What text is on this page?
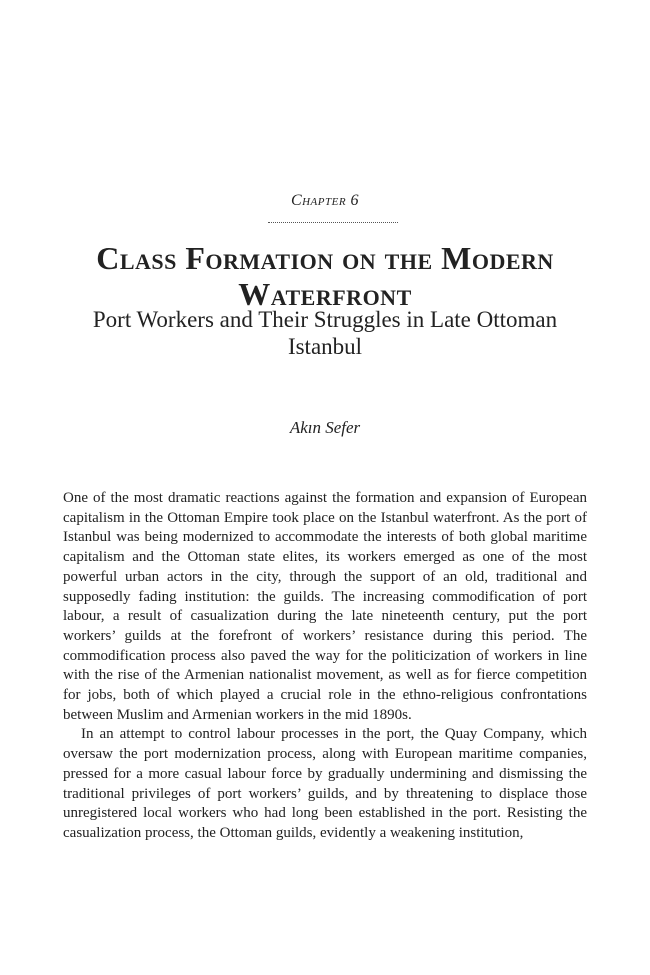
Chapter 6
Class Formation on the Modern Waterfront
Port Workers and Their Struggles in Late Ottoman Istanbul
Akın Sefer

One of the most dramatic reactions against the formation and expansion of European capitalism in the Ottoman Empire took place on the Istanbul waterfront. As the port of Istanbul was being modernized to accommodate the interests of both global maritime capitalism and the Ottoman state elites, its workers emerged as one of the most powerful urban actors in the city, through the support of an old, traditional and supposedly fading institution: the guilds. The increasing commodification of port labour, a result of casualization during the late nineteenth century, put the port workers’ guilds at the forefront of workers’ resistance during this period. The commodification process also paved the way for the politicization of workers in line with the rise of the Armenian nationalist movement, as well as for fierce competition for jobs, both of which played a crucial role in the ethno-religious confrontations between Muslim and Armenian workers in the mid 1890s.

In an attempt to control labour processes in the port, the Quay Company, which oversaw the port modernization process, along with European maritime companies, pressed for a more casual labour force by gradually undermining and dismissing the traditional privileges of port workers’ guilds, and by threatening to displace those unregistered local workers who had long been established in the port. Resisting the casualization process, the Ottoman guilds, evidently a weakening institution,
